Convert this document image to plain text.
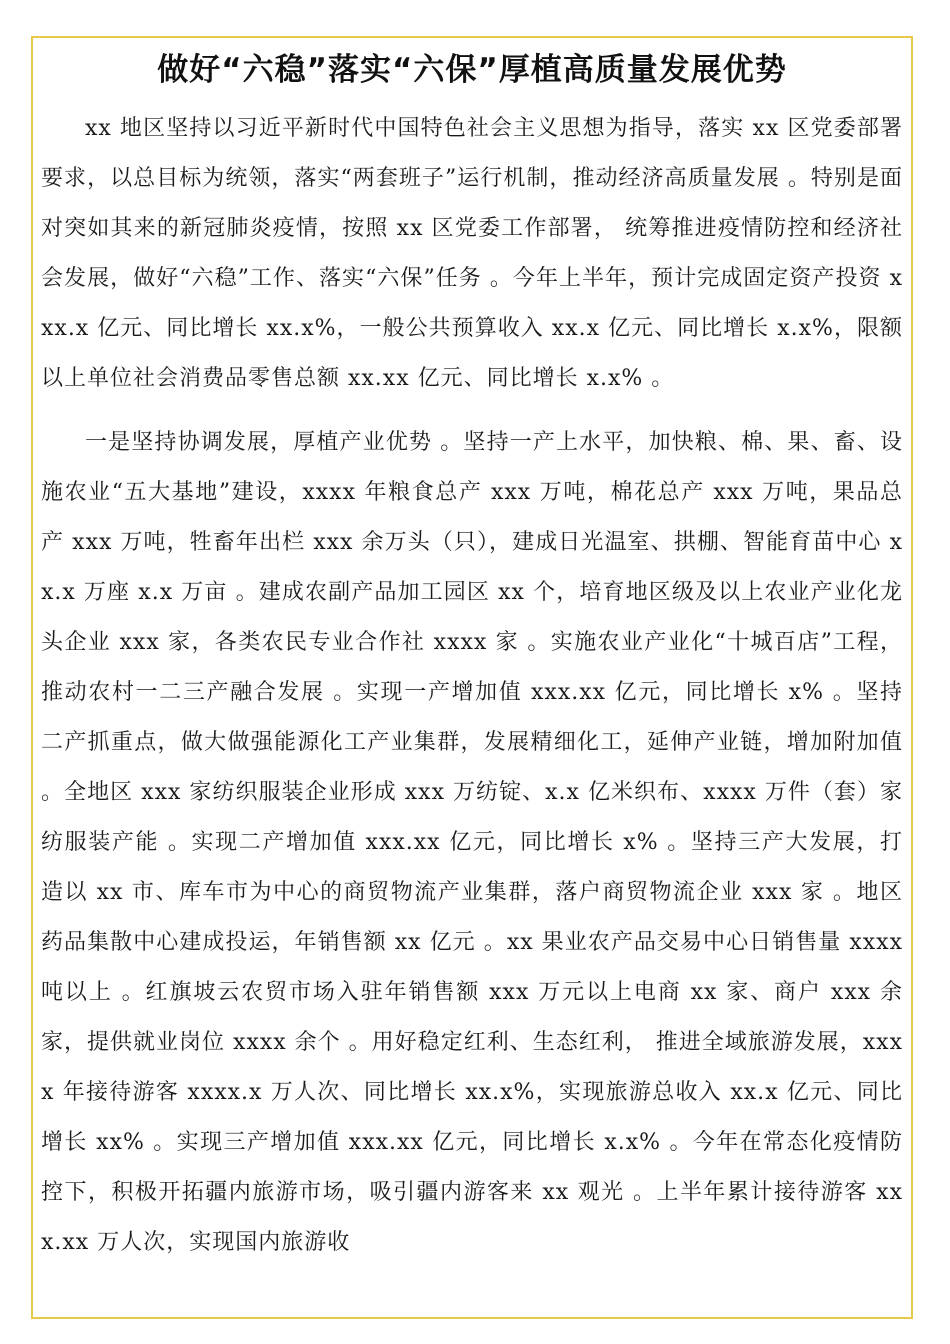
做好“六稳”落实“六保”厚植高质量发展优势

xx 地区坚持以习近平新时代中国特色社会主义思想为指导，落实 xx 区党委部署要求，以总目标为统领，落实“两套班子”运行机制，推动经济高质量发展 。特别是面对突如其来的新冠肺炎疫情，按照 xx 区党委工作部署， 统筹推进疫情防控和经济社会发展，做好“六稳”工作、落实“六保”任务 。今年上半年，预计完成固定资产投资 xxx.x 亿元、同比增长 xx.x%，一般公共预算收入 xx.x 亿元、同比增长 x.x%，限额以上单位社会消费品零售总额 xx.xx 亿元、同比增长 x.x% 。

一是坚持协调发展，厚植产业优势 。坚持一产上水平，加快粮、棉、果、畜、设施农业“五大基地”建设，xxxx 年粮食总产 xxx 万吨，棉花总产 xxx 万吨，果品总产 xxx 万吨，牲畜年出栏 xxx 余万头（只），建成日光温室、拱棚、智能育苗中心 xx.x 万座 x.x 万亩 。建成农副产品加工园区 xx 个，培育地区级及以上农业产业化龙头企业 xxx 家，各类农民专业合作社 xxxx 家 。实施农业产业化“十城百店”工程，推动农村一二三产融合发展 。实现一产增加值 xxx.xx 亿元，同比增长 x% 。坚持二产抓重点，做大做强能源化工产业集群，发展精细化工，延伸产业链，增加附加值 。全地区 xxx 家纺织服装企业形成 xxx 万纺锭、x.x 亿米织布、xxxx 万件（套）家纺服装产能 。实现二产增加值 xxx.xx 亿元，同比增长 x% 。坚持三产大发展，打造以 xx 市、库车市为中心的商贸物流产业集群，落户商贸物流企业 xxx 家 。地区药品集散中心建成投运，年销售额 xx 亿元 。xx 果业农产品交易中心日销售量 xxxx 吨以上 。红旗坡云农贸市场入驻年销售额 xxx 万元以上电商 xx 家、商户 xxx 余家，提供就业岗位 xxxx 余个 。用好稳定红利、生态红利， 推进全域旅游发展，xxxx 年接待游客 xxxx.x 万人次、同比增长 xx.x%，实现旅游总收入 xx.x 亿元、同比增长 xx% 。实现三产增加值 xxx.xx 亿元，同比增长 x.x% 。今年在常态化疫情防控下，积极开拓疆内旅游市场，吸引疆内游客来 xx 观光 。上半年累计接待游客 xxx.xx 万人次，实现国内旅游收
